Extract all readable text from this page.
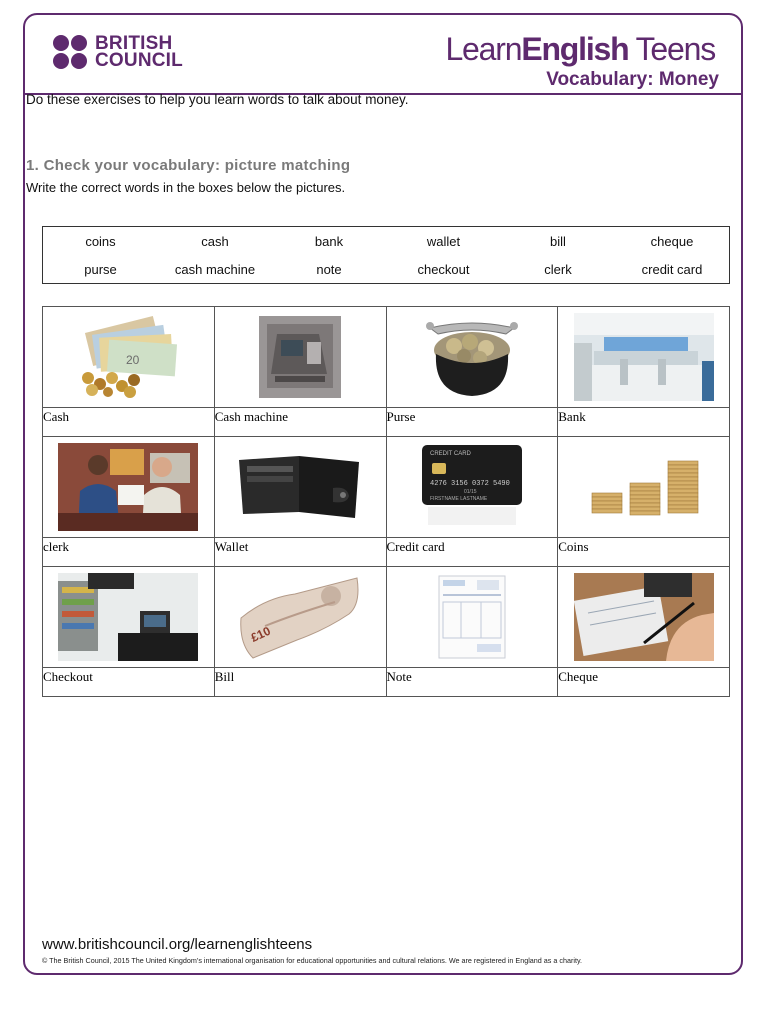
BRITISH
COUNCIL	LearnEnglish Teens
Vocabulary: Money
Do these exercises to help you learn words to talk about money.
1. Check your vocabulary: picture matching
Write the correct words in the boxes below the pictures.
coins	cash	bank	wallet	bill	cheque
purse	cash machine	note	checkout	clerk	credit card
20

Cash	Cash machine	Purse	Bank

CREDIT CARD
4276 3156 0372 5490
01/15
FIRSTNAME LASTNAME

clerk	Wallet	Credit card	Coins

£10

Checkout	Bill	Note	Cheque
www.britishcouncil.org/learnenglishteens
© The British Council, 2015 The United Kingdom’s international organisation for educational opportunities and cultural relations. We are registered in England as a charity.
